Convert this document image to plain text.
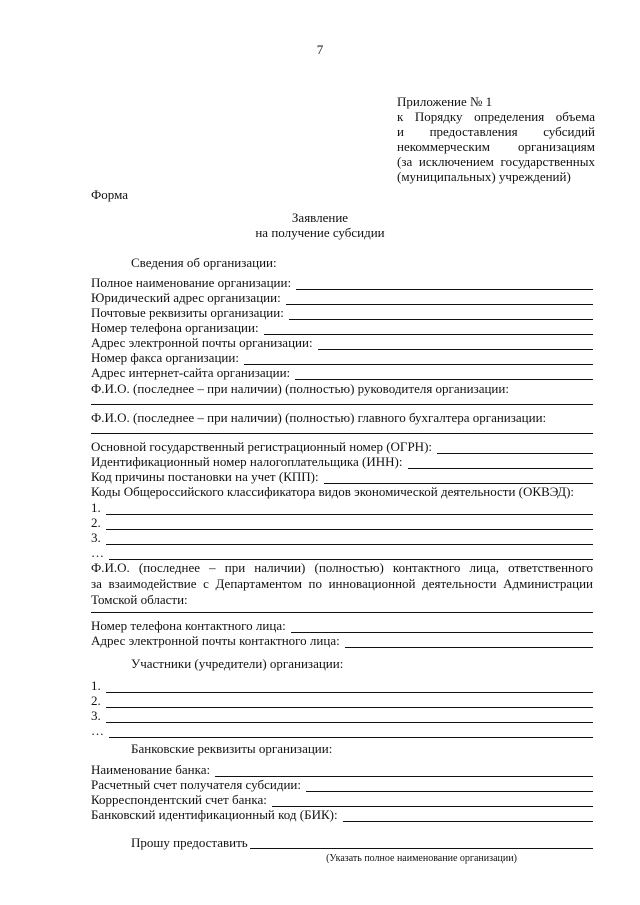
7
Приложение № 1
к Порядку определения объема
и предоставления субсидий
некоммерческим организациям
(за исключением государственных
(муниципальных) учреждений)
Форма
Заявление
на получение субсидии
Сведения об организации:
Полное наименование организации:
Юридический адрес организации:
Почтовые реквизиты организации:
Номер телефона организации:
Адрес электронной почты организации:
Номер факса организации:
Адрес интернет-сайта организации:
Ф.И.О. (последнее – при наличии) (полностью) руководителя организации:
Ф.И.О. (последнее – при наличии) (полностью) главного бухгалтера организации:
Основной государственный регистрационный номер (ОГРН):
Идентификационный номер налогоплательщика (ИНН):
Код причины постановки на учет (КПП):
Коды Общероссийского классификатора видов экономической деятельности (ОКВЭД):
1.
2.
3.
…
Ф.И.О. (последнее – при наличии) (полностью) контактного лица, ответственного
за взаимодействие с Департаментом по инновационной деятельности Администрации
Томской области:
Номер телефона контактного лица:
Адрес электронной почты контактного лица:
Участники (учредители) организации:
1.
2.
3.
…
Банковские реквизиты организации:
Наименование банка:
Расчетный счет получателя субсидии:
Корреспондентский счет банка:
Банковский идентификационный код (БИК):
Прошу предоставить
(Указать полное наименование организации)
